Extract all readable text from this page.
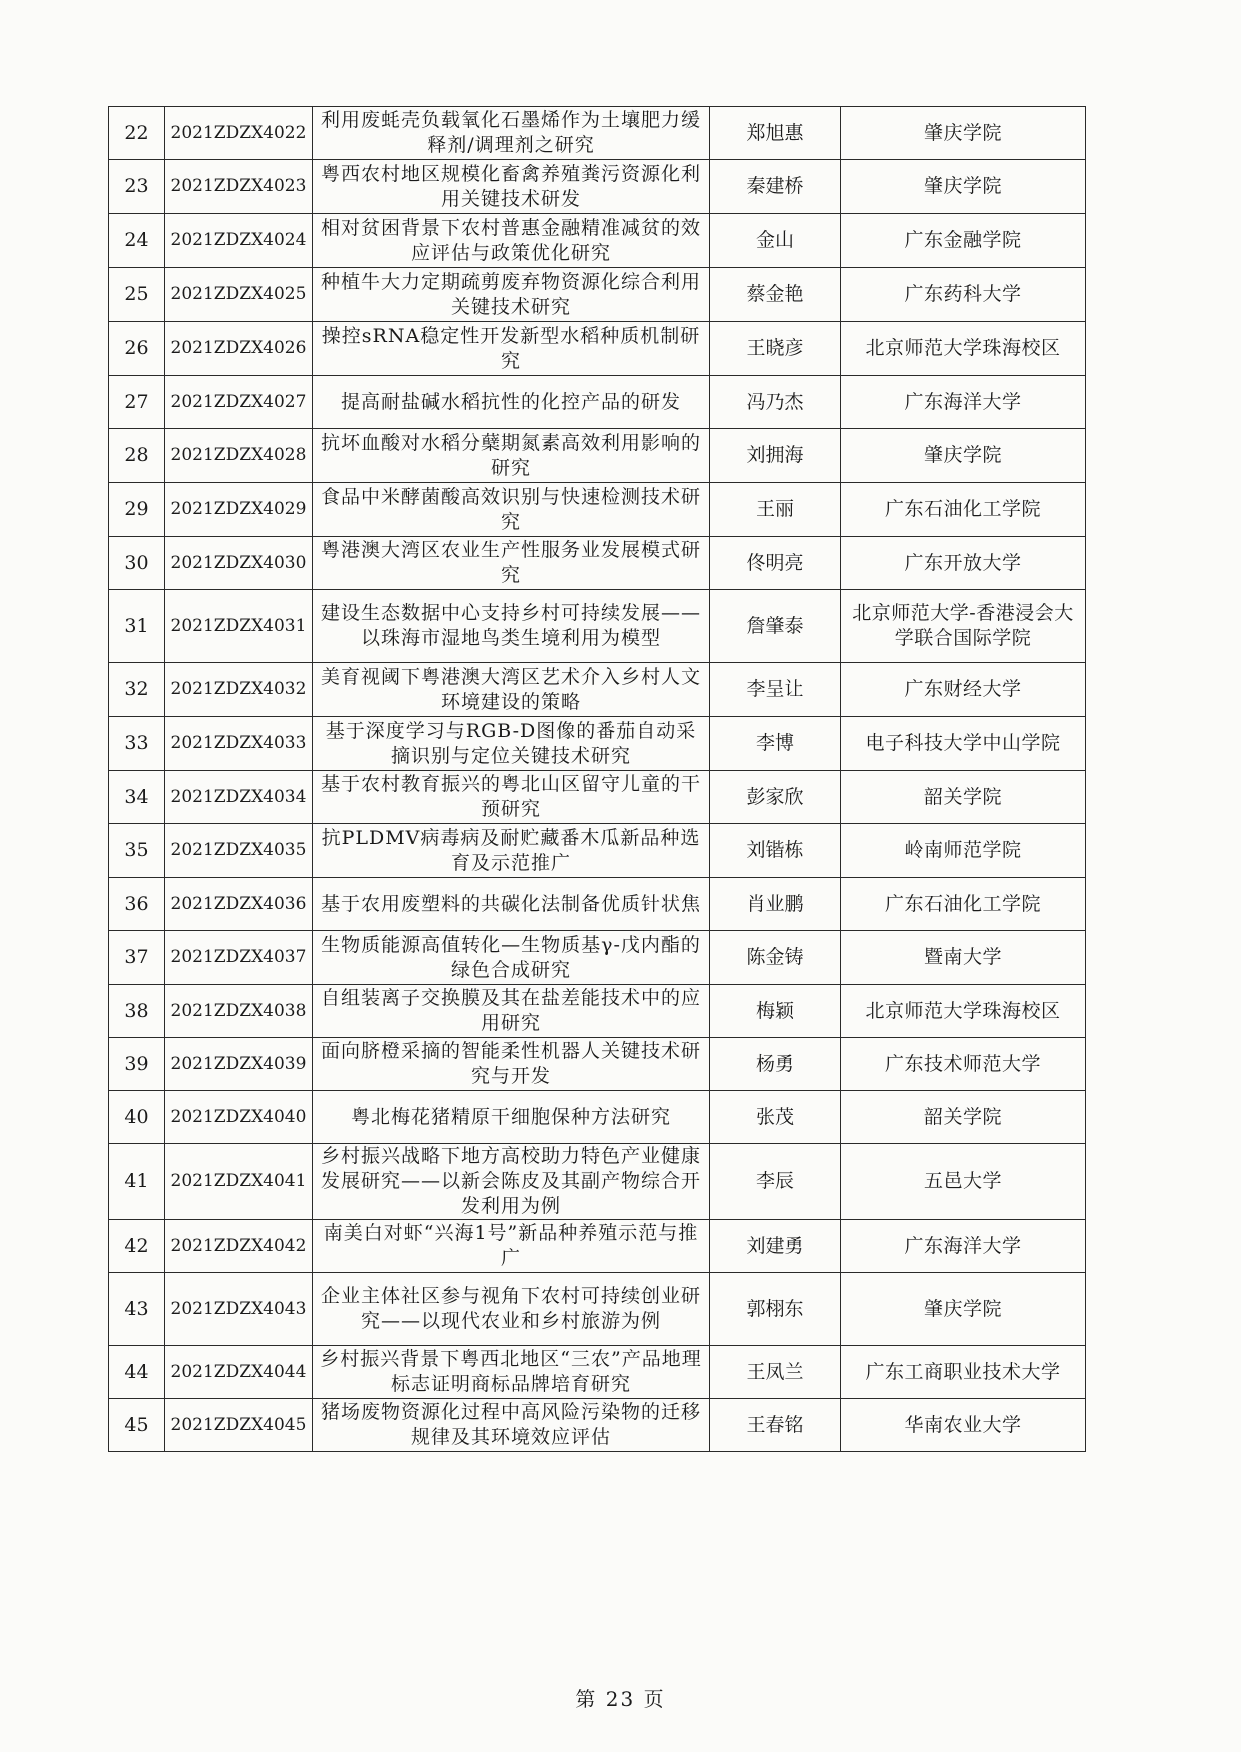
22	2021ZDZX4022	利用废蚝壳负载氧化石墨烯作为土壤肥力缓释剂/调理剂之研究	郑旭惠	肇庆学院
23	2021ZDZX4023	粤西农村地区规模化畜禽养殖粪污资源化利用关键技术研发	秦建桥	肇庆学院
24	2021ZDZX4024	相对贫困背景下农村普惠金融精准减贫的效应评估与政策优化研究	金山	广东金融学院
25	2021ZDZX4025	种植牛大力定期疏剪废弃物资源化综合利用关键技术研究	蔡金艳	广东药科大学
26	2021ZDZX4026	操控sRNA稳定性开发新型水稻种质机制研究	王晓彦	北京师范大学珠海校区
27	2021ZDZX4027	提高耐盐碱水稻抗性的化控产品的研发	冯乃杰	广东海洋大学
28	2021ZDZX4028	抗坏血酸对水稻分蘖期氮素高效利用影响的研究	刘拥海	肇庆学院
29	2021ZDZX4029	食品中米酵菌酸高效识别与快速检测技术研究	王丽	广东石油化工学院
30	2021ZDZX4030	粤港澳大湾区农业生产性服务业发展模式研究	佟明亮	广东开放大学
31	2021ZDZX4031	建设生态数据中心支持乡村可持续发展——以珠海市湿地鸟类生境利用为模型	詹肇泰	北京师范大学-香港浸会大学联合国际学院
32	2021ZDZX4032	美育视阈下粤港澳大湾区艺术介入乡村人文环境建设的策略	李呈让	广东财经大学
33	2021ZDZX4033	基于深度学习与RGB-D图像的番茄自动采摘识别与定位关键技术研究	李博	电子科技大学中山学院
34	2021ZDZX4034	基于农村教育振兴的粤北山区留守儿童的干预研究	彭家欣	韶关学院
35	2021ZDZX4035	抗PLDMV病毒病及耐贮藏番木瓜新品种选育及示范推广	刘锴栋	岭南师范学院
36	2021ZDZX4036	基于农用废塑料的共碳化法制备优质针状焦	肖业鹏	广东石油化工学院
37	2021ZDZX4037	生物质能源高值转化—生物质基γ-戊内酯的绿色合成研究	陈金铸	暨南大学
38	2021ZDZX4038	自组装离子交换膜及其在盐差能技术中的应用研究	梅颖	北京师范大学珠海校区
39	2021ZDZX4039	面向脐橙采摘的智能柔性机器人关键技术研究与开发	杨勇	广东技术师范大学
40	2021ZDZX4040	粤北梅花猪精原干细胞保种方法研究	张茂	韶关学院
41	2021ZDZX4041	乡村振兴战略下地方高校助力特色产业健康发展研究——以新会陈皮及其副产物综合开发利用为例	李辰	五邑大学
42	2021ZDZX4042	南美白对虾“兴海1号”新品种养殖示范与推广	刘建勇	广东海洋大学
43	2021ZDZX4043	企业主体社区参与视角下农村可持续创业研究——以现代农业和乡村旅游为例	郭栩东	肇庆学院
44	2021ZDZX4044	乡村振兴背景下粤西北地区“三农”产品地理标志证明商标品牌培育研究	王凤兰	广东工商职业技术大学
45	2021ZDZX4045	猪场废物资源化过程中高风险污染物的迁移规律及其环境效应评估	王春铭	华南农业大学
第 23 页
